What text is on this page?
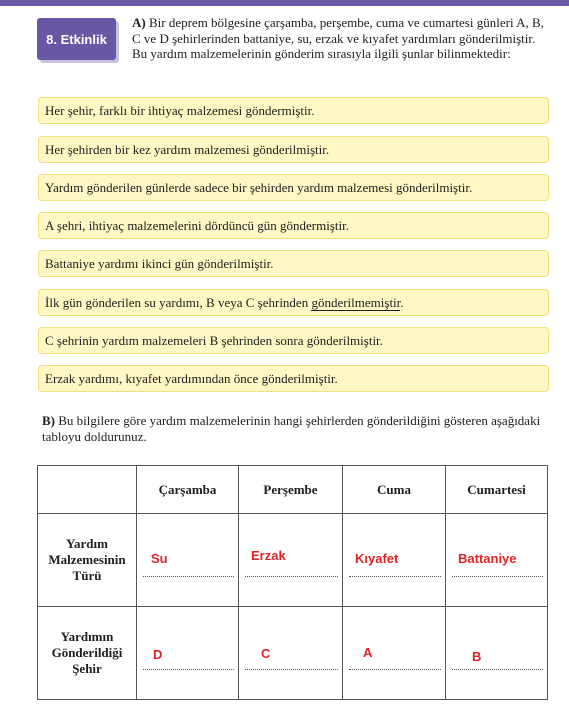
8. Etkinlik
A) Bir deprem bölgesine çarşamba, perşembe, cuma ve cumartesi günleri A, B, C ve D şehirlerinden battaniye, su, erzak ve kıyafet yardımları gönderilmiştir. Bu yardım malzemelerinin gönderim sırasıyla ilgili şunlar bilinmektedir:
Her şehir, farklı bir ihtiyaç malzemesi göndermiştir.
Her şehirden bir kez yardım malzemesi gönderilmiştir.
Yardım gönderilen günlerde sadece bir şehirden yardım malzemesi gönderilmiştir.
A şehri, ihtiyaç malzemelerini dördüncü gün göndermiştir.
Battaniye yardımı ikinci gün gönderilmiştir.
İlk gün gönderilen su yardımı, B veya C şehrinden gönderilmemiştir.
C şehrinin yardım malzemeleri B şehrinden sonra gönderilmiştir.
Erzak yardımı, kıyafet yardımından önce gönderilmiştir.
B) Bu bilgilere göre yardım malzemelerinin hangi şehirlerden gönderildiğini gösteren aşağıdaki tabloyu doldurunuz.
	Çarşamba	Perşembe	Cuma	Cumartesi
Yardım Malzemesinin Türü	Su	Erzak	Kıyafet	Battaniye

Yardımın Gönderildiği Şehir	D	C	A	B
